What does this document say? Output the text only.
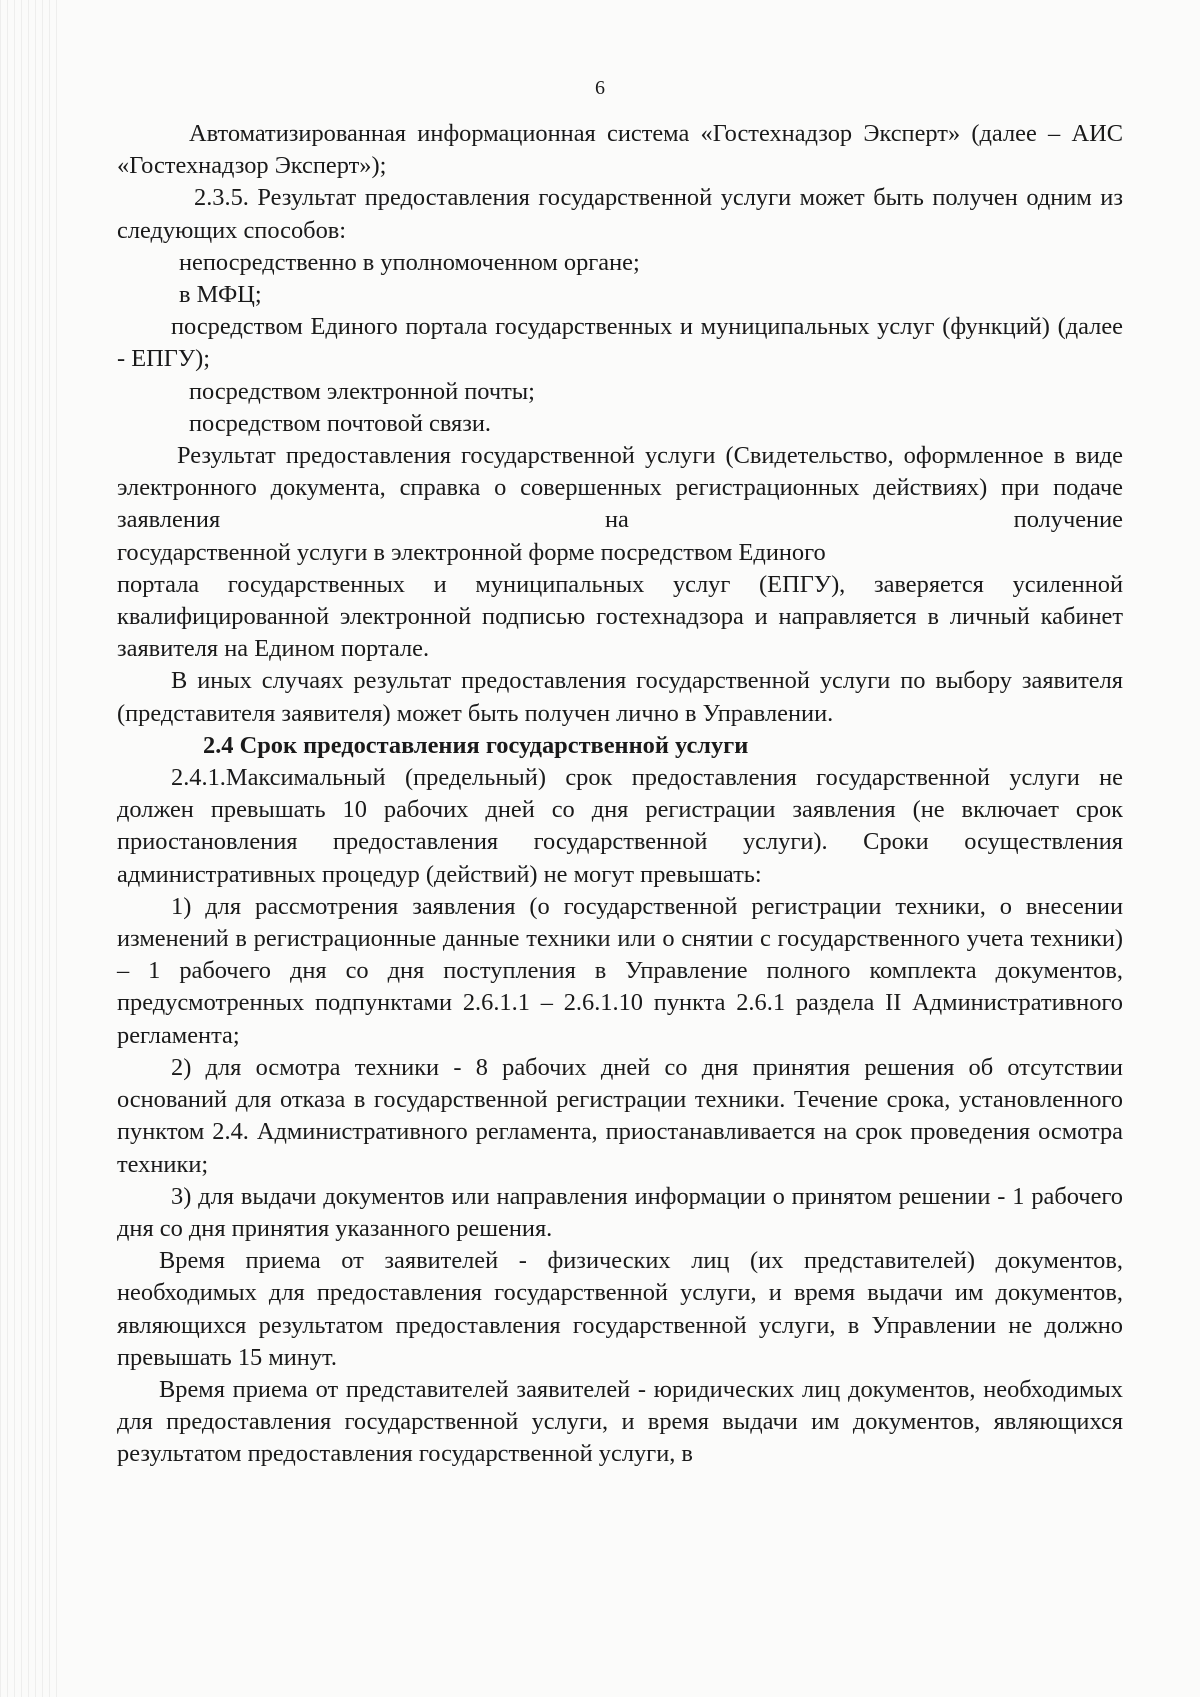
6

Автоматизированная информационная система «Гостехнадзор Эксперт» (далее – АИС «Гостехнадзор Эксперт»);

2.3.5. Результат предоставления государственной услуги может быть получен одним из следующих способов:

непосредственно в уполномоченном органе;

в МФЦ;

посредством Единого портала государственных и муниципальных услуг (функций) (далее - ЕПГУ);

посредством электронной почты;

посредством почтовой связи.

Результат предоставления государственной услуги (Свидетельство, оформленное в виде электронного документа, справка о совершенных регистрационных действиях) при подаче заявления на получение

государственной услуги в электронной форме посредством Единого

портала государственных и муниципальных услуг (ЕПГУ), заверяется усиленной квалифицированной электронной подписью гостехнадзора и направляется в личный кабинет заявителя на Едином портале.

В иных случаях результат предоставления государственной услуги по выбору заявителя (представителя заявителя) может быть получен лично в Управлении.

2.4 Срок предоставления государственной услуги

2.4.1.Максимальный (предельный) срок предоставления государственной услуги не должен превышать 10 рабочих дней со дня регистрации заявления (не включает срок приостановления предоставления государственной услуги). Сроки осуществления административных процедур (действий) не могут превышать:

1) для рассмотрения заявления (о государственной регистрации техники, о внесении изменений в регистрационные данные техники или о снятии с государственного учета техники) – 1 рабочего дня со дня поступления в Управление полного комплекта документов, предусмотренных подпунктами 2.6.1.1 – 2.6.1.10 пункта 2.6.1 раздела II Административного регламента;

2) для осмотра техники - 8 рабочих дней со дня принятия решения об отсутствии оснований для отказа в государственной регистрации техники. Течение срока, установленного пунктом 2.4. Административного регламента, приостанавливается на срок проведения осмотра техники;

3) для выдачи документов или направления информации о принятом решении - 1 рабочего дня со дня принятия указанного решения.

Время приема от заявителей - физических лиц (их представителей) документов, необходимых для предоставления государственной услуги, и время выдачи им документов, являющихся результатом предоставления государственной услуги, в Управлении не должно превышать 15 минут.

Время приема от представителей заявителей - юридических лиц документов, необходимых для предоставления государственной услуги, и время выдачи им документов, являющихся результатом предоставления государственной услуги, в
